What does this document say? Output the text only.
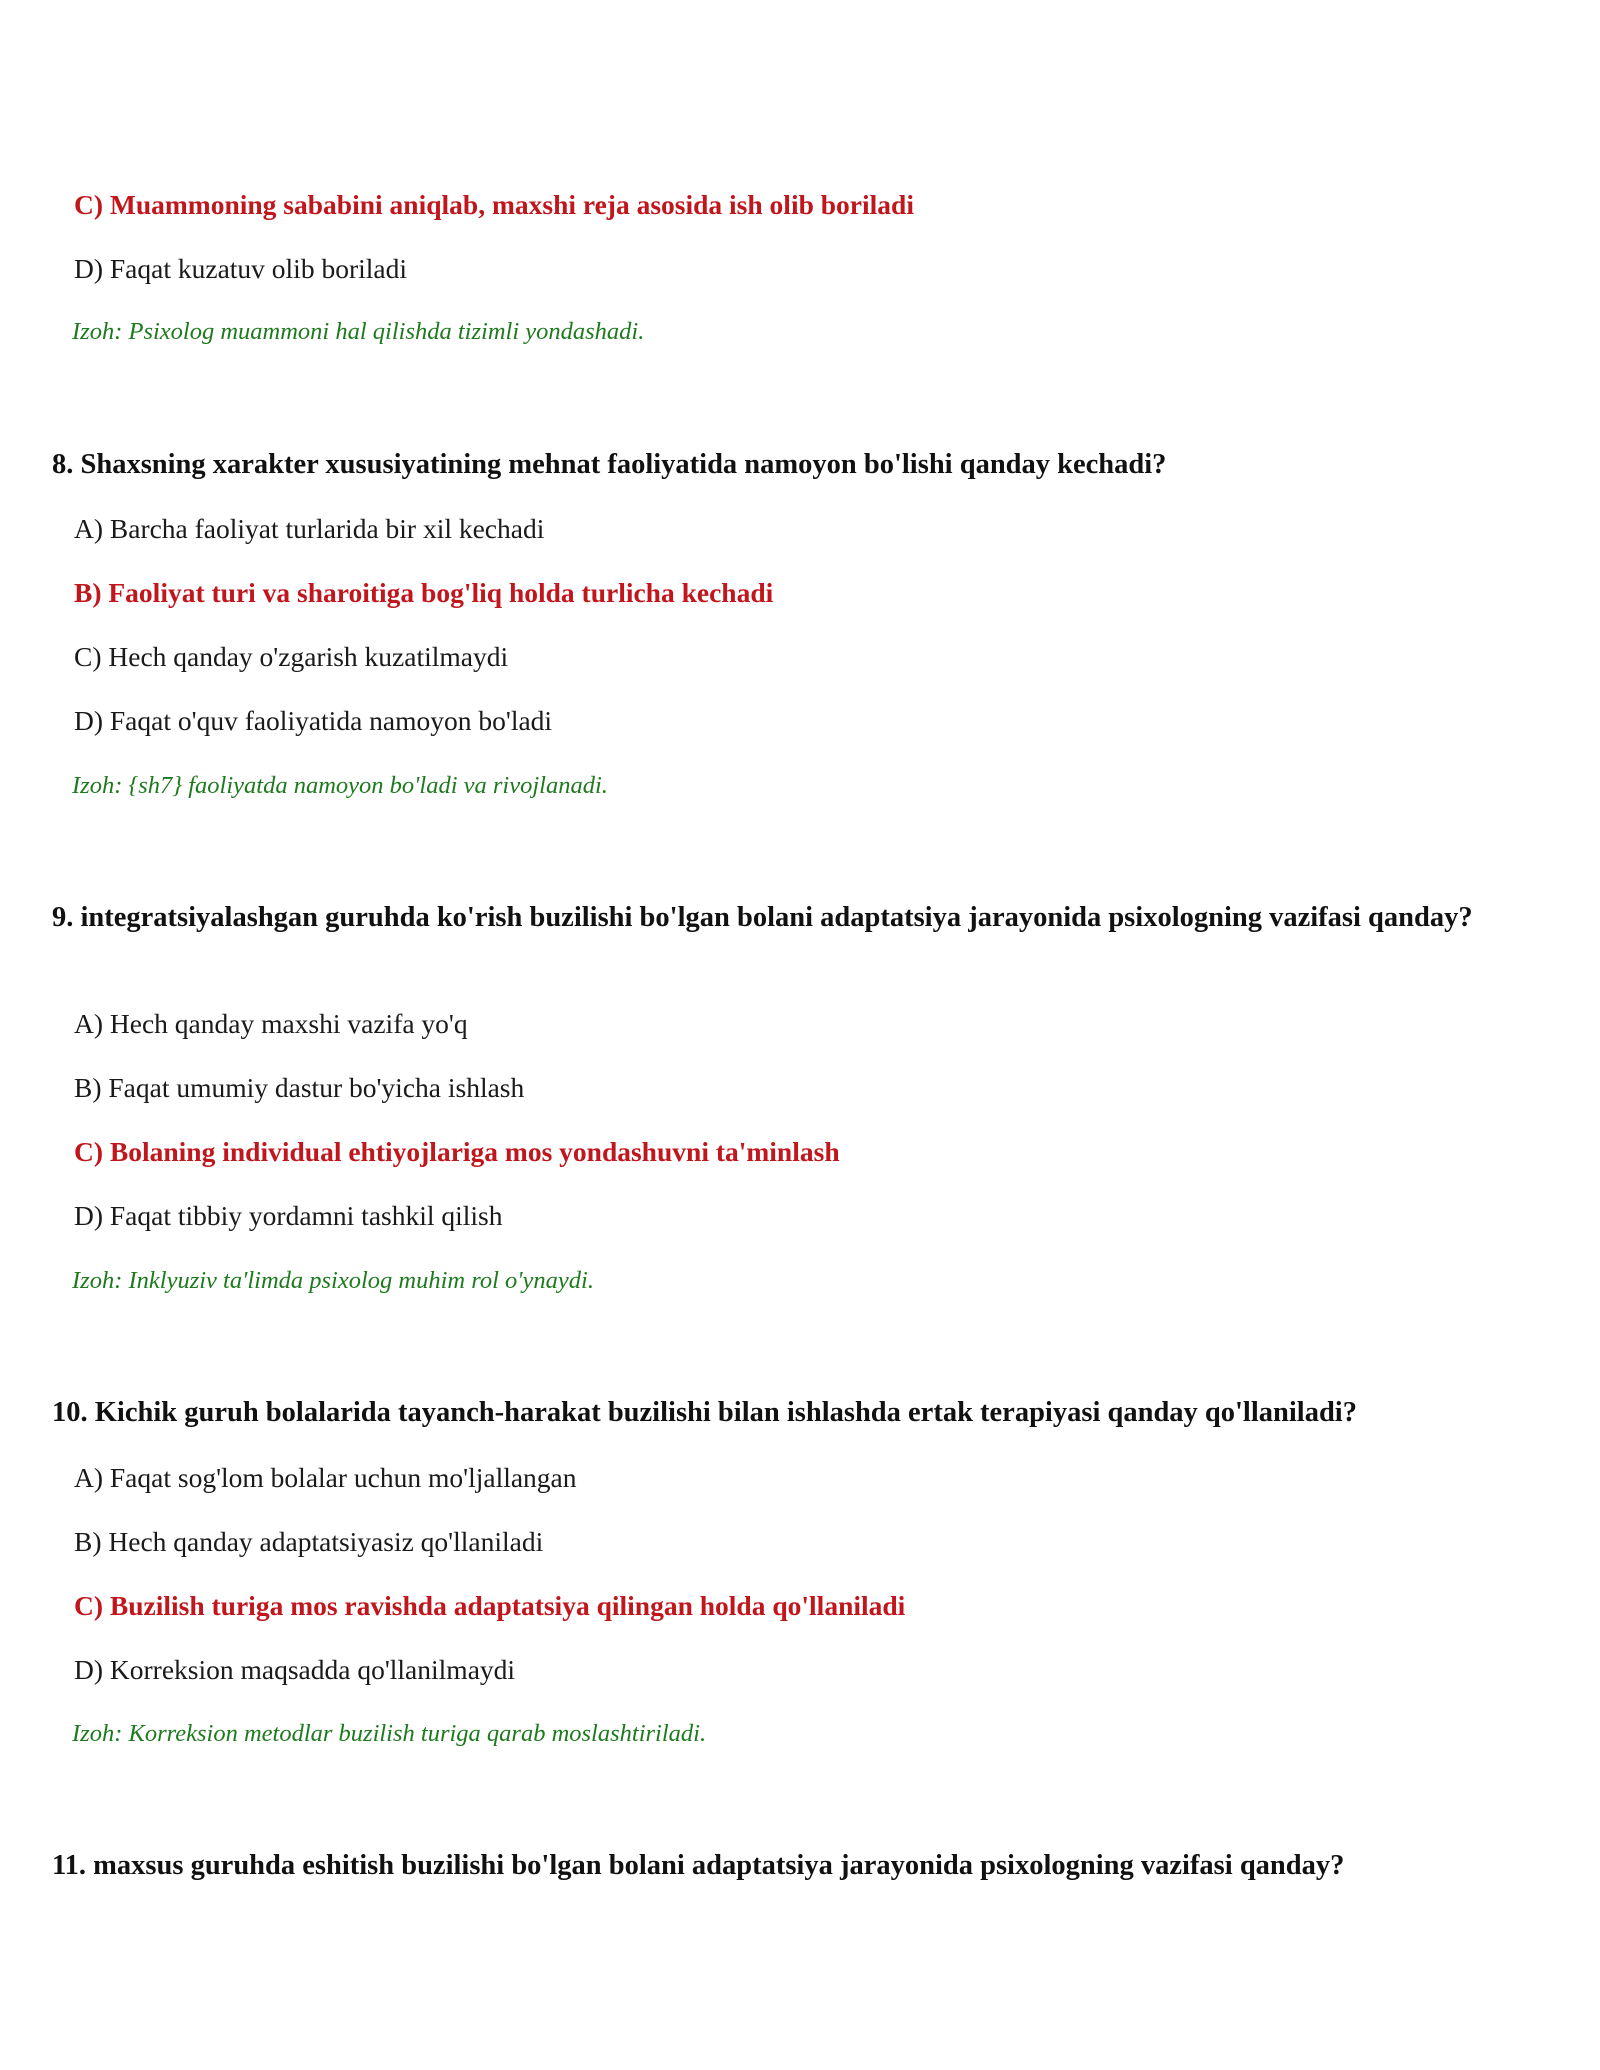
C) Muammoning sababini aniqlab, maxshi reja asosida ish olib boriladi

D) Faqat kuzatuv olib boriladi

Izoh: Psixolog muammoni hal qilishda tizimli yondashadi.

8. Shaxsning xarakter xususiyatining mehnat faoliyatida namoyon bo'lishi qanday kechadi?

A) Barcha faoliyat turlarida bir xil kechadi

B) Faoliyat turi va sharoitiga bog'liq holda turlicha kechadi

C) Hech qanday o'zgarish kuzatilmaydi

D) Faqat o'quv faoliyatida namoyon bo'ladi

Izoh: {sh7} faoliyatda namoyon bo'ladi va rivojlanadi.

9. integratsiyalashgan guruhda ko'rish buzilishi bo'lgan bolani adaptatsiya jarayonida psixologning vazifasi qanday?

A) Hech qanday maxshi vazifa yo'q

B) Faqat umumiy dastur bo'yicha ishlash

C) Bolaning individual ehtiyojlariga mos yondashuvni ta'minlash

D) Faqat tibbiy yordamni tashkil qilish

Izoh: Inklyuziv ta'limda psixolog muhim rol o'ynaydi.

10. Kichik guruh bolalarida tayanch-harakat buzilishi bilan ishlashda ertak terapiyasi qanday qo'llaniladi?

A) Faqat sog'lom bolalar uchun mo'ljallangan

B) Hech qanday adaptatsiyasiz qo'llaniladi

C) Buzilish turiga mos ravishda adaptatsiya qilingan holda qo'llaniladi

D) Korreksion maqsadda qo'llanilmaydi

Izoh: Korreksion metodlar buzilish turiga qarab moslashtiriladi.

11. maxsus guruhda eshitish buzilishi bo'lgan bolani adaptatsiya jarayonida psixologning vazifasi qanday?
